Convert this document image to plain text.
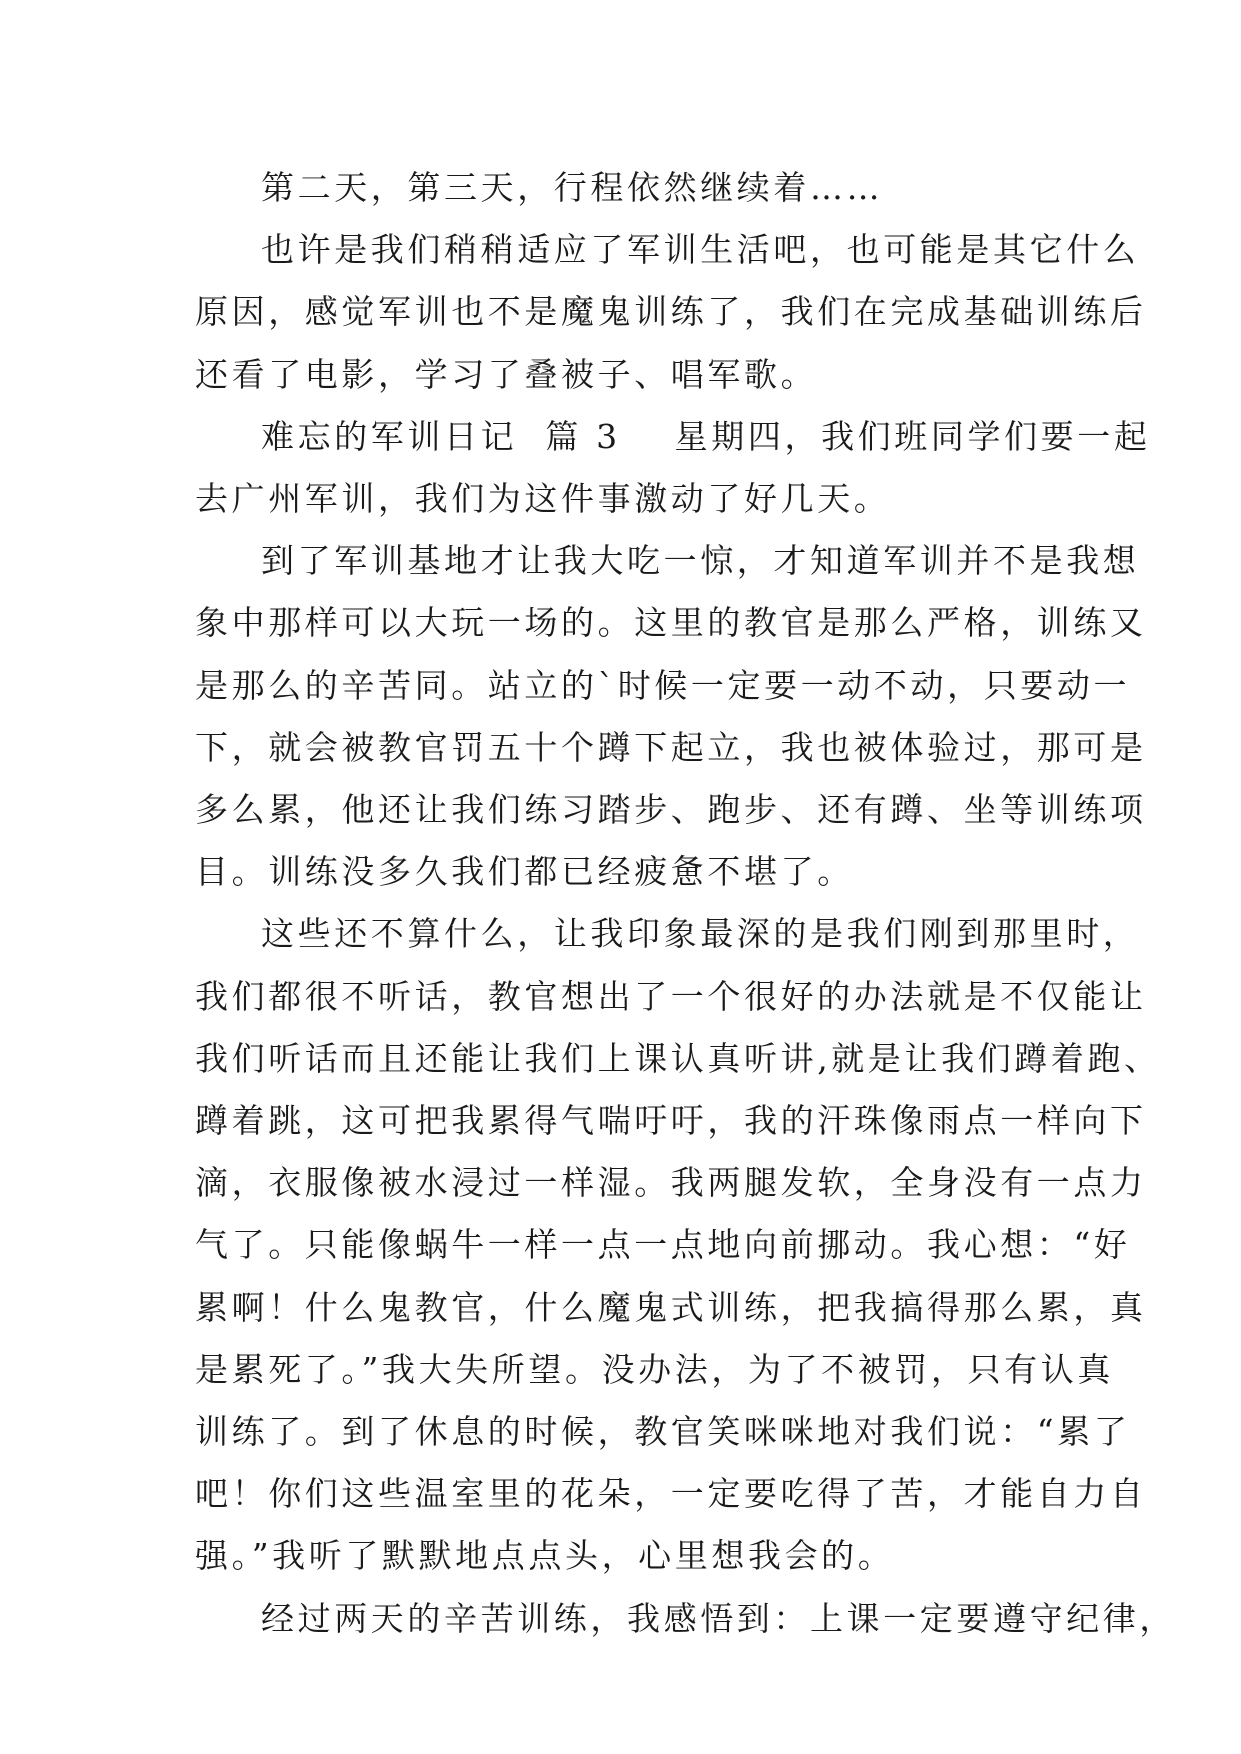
第二天，第三天，行程依然继续着……

也许是我们稍稍适应了军训生活吧，也可能是其它什么
原因，感觉军训也不是魔鬼训练了，我们在完成基础训练后
还看了电影，学习了叠被子、唱军歌。

难忘的军训日记  篇 3 星期四，我们班同学们要一起
去广州军训，我们为这件事激动了好几天。

到了军训基地才让我大吃一惊，才知道军训并不是我想
象中那样可以大玩一场的。这里的教官是那么严格，训练又
是那么的辛苦同。站立的`时候一定要一动不动，只要动一
下，就会被教官罚五十个蹲下起立，我也被体验过，那可是
多么累，他还让我们练习踏步、跑步、还有蹲、坐等训练项
目。训练没多久我们都已经疲惫不堪了。

这些还不算什么，让我印象最深的是我们刚到那里时，
我们都很不听话，教官想出了一个很好的办法就是不仅能让
我们听话而且还能让我们上课认真听讲,就是让我们蹲着跑、
蹲着跳，这可把我累得气喘吁吁，我的汗珠像雨点一样向下
滴，衣服像被水浸过一样湿。我两腿发软，全身没有一点力
气了。只能像蜗牛一样一点一点地向前挪动。我心想：“好
累啊！什么鬼教官，什么魔鬼式训练，把我搞得那么累，真
是累死了。”我大失所望。没办法，为了不被罚，只有认真
训练了。到了休息的时候，教官笑咪咪地对我们说：“累了
吧！你们这些温室里的花朵，一定要吃得了苦，才能自力自
强。”我听了默默地点点头，心里想我会的。

经过两天的辛苦训练，我感悟到：上课一定要遵守纪律，
